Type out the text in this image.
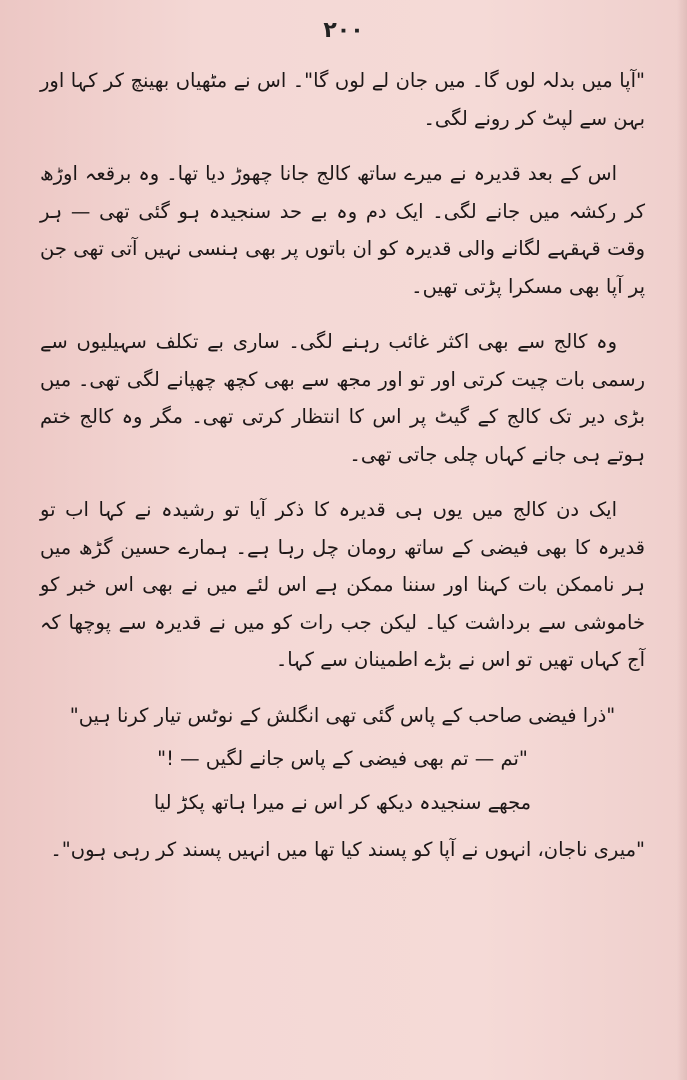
۲۰۰

"آپا میں بدلہ لوں گا۔ میں جان لے لوں گا"۔ اس نے مٹھیاں بھینچ کر کہا اور بہن سے لپٹ کر رونے لگی۔

اس کے بعد قدیرہ نے میرے ساتھ کالج جانا چھوڑ دیا تھا۔ وہ برقعہ اوڑھ کر رکشہ میں جانے لگی۔ ایک دم وہ بے حد سنجیدہ ہو گئی تھی — ہر وقت قہقہے لگانے والی قدیرہ کو ان باتوں پر بھی ہنسی نہیں آتی تھی جن پر آپا بھی مسکرا پڑتی تھیں۔

وہ کالج سے بھی اکثر غائب رہنے لگی۔ ساری بے تکلف سہیلیوں سے رسمی بات چیت کرتی اور تو اور مجھ سے بھی کچھ چھپانے لگی تھی۔ میں بڑی دیر تک کالج کے گیٹ پر اس کا انتظار کرتی تھی۔ مگر وہ کالج ختم ہوتے ہی جانے کہاں چلی جاتی تھی۔

ایک دن کالج میں یوں ہی قدیرہ کا ذکر آیا تو رشیدہ نے کہا اب تو قدیرہ کا بھی فیضی کے ساتھ رومان چل رہا ہے۔ ہمارے حسین گڑھ میں ہر ناممکن بات کہنا اور سننا ممکن ہے اس لئے میں نے بھی اس خبر کو خاموشی سے برداشت کیا۔ لیکن جب رات کو میں نے قدیرہ سے پوچھا کہ آج کہاں تھیں تو اس نے بڑے اطمینان سے کہا۔

"ذرا فیضی صاحب کے پاس گئی تھی انگلش کے نوٹس تیار کرنا ہیں"
"تم — تم بھی فیضی کے پاس جانے لگیں — !"
مجھے سنجیدہ دیکھ کر اس نے میرا ہاتھ پکڑ لیا
"میری ناجان، انہوں نے آپا کو پسند کیا تھا میں انہیں پسند کر رہی ہوں"۔
